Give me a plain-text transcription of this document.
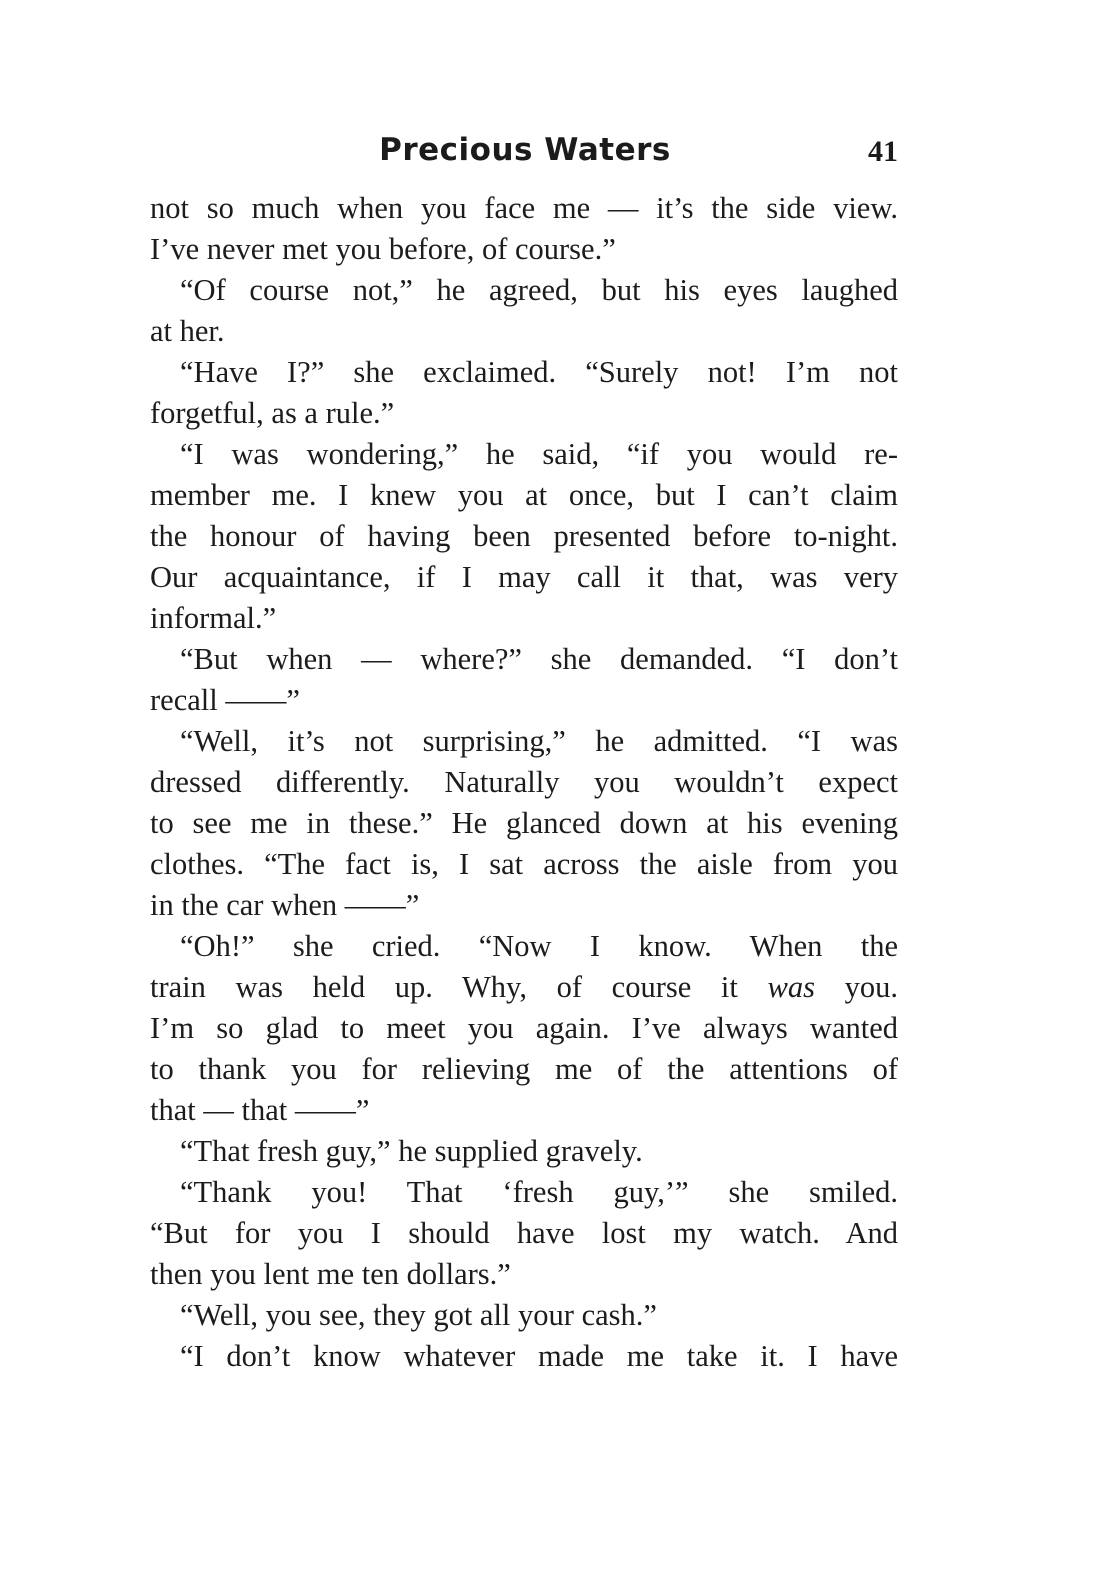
Precious Waters	41
not so much when you face me — it’s the side view.
I’ve never met you before, of course.”
“Of course not,” he agreed, but his eyes laughed
at her.
“Have I?” she exclaimed. “Surely not! I’m not
forgetful, as a rule.”
“I was wondering,” he said, “if you would re-
member me. I knew you at once, but I can’t claim
the honour of having been presented before to-night.
Our acquaintance, if I may call it that, was very
informal.”
“But when — where?” she demanded. “I don’t
recall ——”
“Well, it’s not surprising,” he admitted. “I was
dressed differently. Naturally you wouldn’t expect
to see me in these.” He glanced down at his evening
clothes. “The fact is, I sat across the aisle from you
in the car when ——”
“Oh!” she cried. “Now I know. When the
train was held up. Why, of course it was you.
I’m so glad to meet you again. I’ve always wanted
to thank you for relieving me of the attentions of
that — that ——”
“That fresh guy,” he supplied gravely.
“Thank you! That ‘fresh guy,’” she smiled.
“But for you I should have lost my watch. And
then you lent me ten dollars.”
“Well, you see, they got all your cash.”
“I don’t know whatever made me take it. I have
